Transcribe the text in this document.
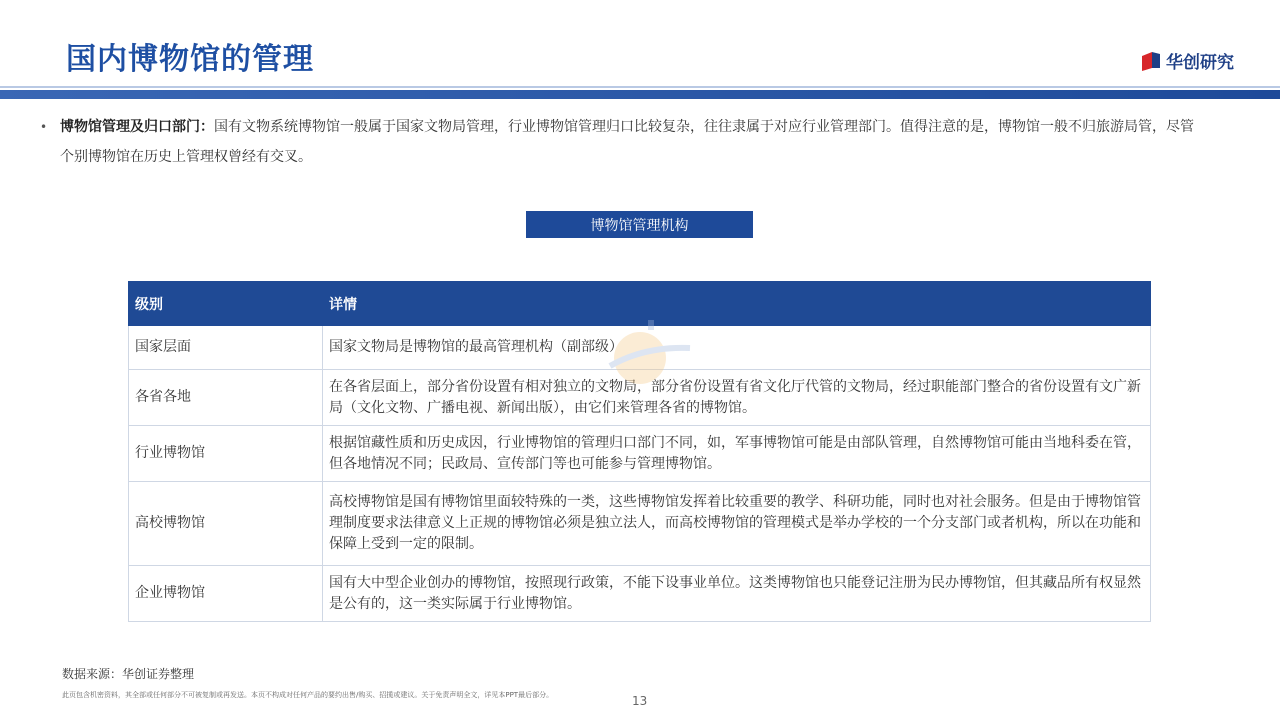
国内博物馆的管理	华创研究
• 博物馆管理及归口部门：国有文物系统博物馆一般属于国家文物局管理，行业博物馆管理归口比较复杂，往往隶属于对应行业管理部门。值得注意的是，博物馆一般不归旅游局管，尽管个别博物馆在历史上管理权曾经有交叉。
博物馆管理机构
级别	详情
国家层面	国家文物局是博物馆的最高管理机构（副部级）
各省各地	在各省层面上，部分省份设置有相对独立的文物局，部分省份设置有省文化厅代管的文物局，经过职能部门整合的省份设置有文广新局（文化文物、广播电视、新闻出版），由它们来管理各省的博物馆。
行业博物馆	根据馆藏性质和历史成因，行业博物馆的管理归口部门不同，如，军事博物馆可能是由部队管理，自然博物馆可能由当地科委在管，但各地情况不同；民政局、宣传部门等也可能参与管理博物馆。
高校博物馆	高校博物馆是国有博物馆里面较特殊的一类，这些博物馆发挥着比较重要的教学、科研功能，同时也对社会服务。但是由于博物馆管理制度要求法律意义上正规的博物馆必须是独立法人，而高校博物馆的管理模式是举办学校的一个分支部门或者机构，所以在功能和保障上受到一定的限制。
企业博物馆	国有大中型企业创办的博物馆，按照现行政策，不能下设事业单位。这类博物馆也只能登记注册为民办博物馆，但其藏品所有权显然是公有的，这一类实际属于行业博物馆。
数据来源：华创证券整理
此页包含机密资料，其全部或任何部分不可被复制或再发送。本页不构成对任何产品的要约出售/购买、招揽或建议。关于免责声明全文，详见本PPT最后部分。	13
